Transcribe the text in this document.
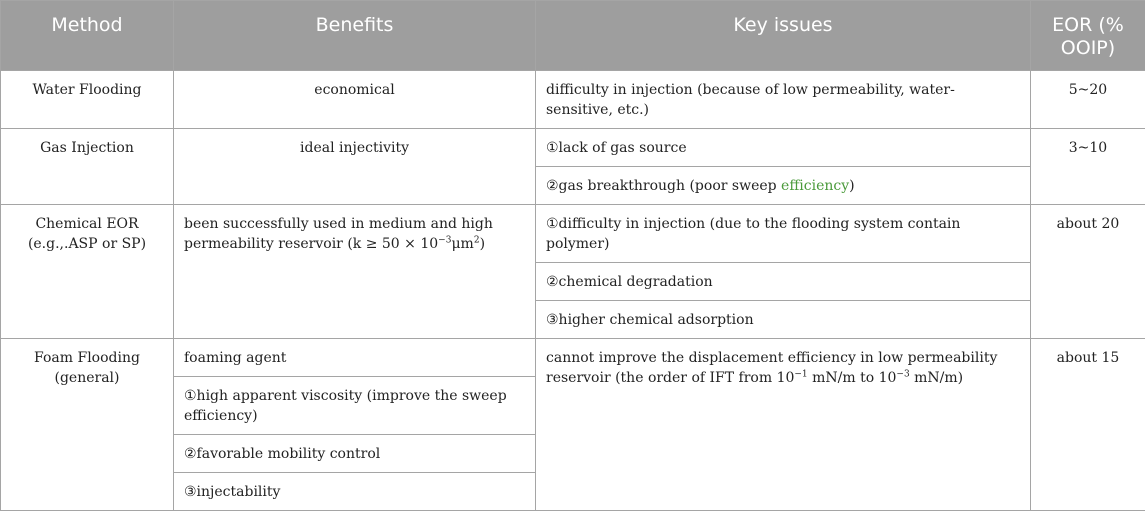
Method	Benefits	Key issues	EOR (% OOIP)

Water Flooding	economical	difficulty in injection (because of low permeability, water-sensitive, etc.)	5~20

Gas Injection	ideal injectivity	①lack of gas source	3~10

		②gas breakthrough (poor sweep efficiency)	

Chemical EOR
(e.g.,.ASP or SP)	been successfully used in medium and high permeability reservoir $(k \ge 50 \times 10^{-3}\mu m^2)$	①difficulty in injection (due to the flooding system contain polymer)	about 20

		②chemical degradation	

		③higher chemical adsorption	

Foam Flooding
(general)	foaming agent	cannot improve the displacement efficiency in low permeability reservoir (the order of IFT from $10^{-1}$ mN/m to $10^{-3}$ mN/m)	about 15

	①high apparent viscosity (improve the sweep efficiency)		

	②favorable mobility control		

	③injectability		
